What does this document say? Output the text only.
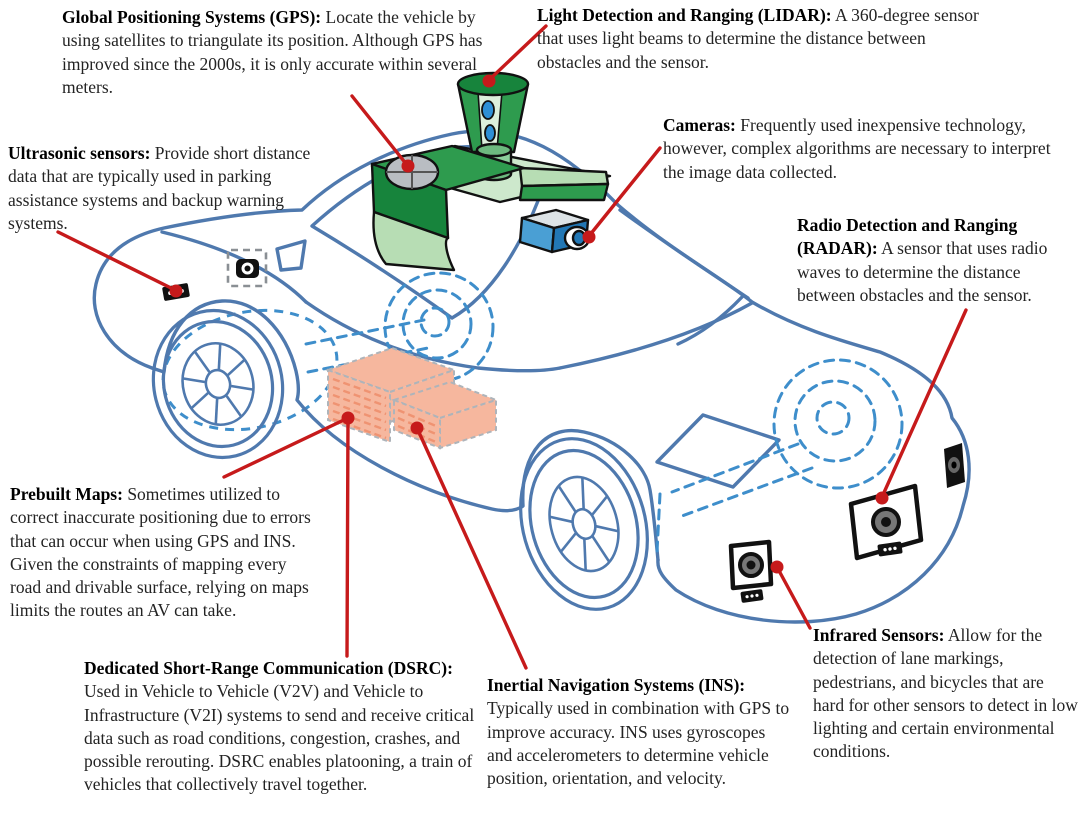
Global Positioning Systems (GPS): Locate the vehicle by using satellites to triangulate its position. Although GPS has improved since the 2000s, it is only accurate within several meters.
Light Detection and Ranging (LIDAR): A 360-degree sensor that uses light beams to determine the distance between obstacles and the sensor.
Ultrasonic sensors: Provide short distance data that are typically used in parking assistance systems and backup warning systems.
Cameras: Frequently used inexpensive technology, however, complex algorithms are necessary to interpret the image data collected.
Radio Detection and Ranging (RADAR): A sensor that uses radio waves to determine the distance between obstacles and the sensor.
Prebuilt Maps: Sometimes utilized to correct inaccurate positioning due to errors that can occur when using GPS and INS. Given the constraints of mapping every road and drivable surface, relying on maps limits the routes an AV can take.
Dedicated Short-Range Communication (DSRC): Used in Vehicle to Vehicle (V2V) and Vehicle to Infrastructure (V2I) systems to send and receive critical data such as road conditions, congestion, crashes, and possible rerouting. DSRC enables platooning, a train of vehicles that collectively travel together.
Inertial Navigation Systems (INS): Typically used in combination with GPS to improve accuracy. INS uses gyroscopes and accelerometers to determine vehicle position, orientation, and velocity.
Infrared Sensors: Allow for the detection of lane markings, pedestrians, and bicycles that are hard for other sensors to detect in low lighting and certain environmental conditions.
